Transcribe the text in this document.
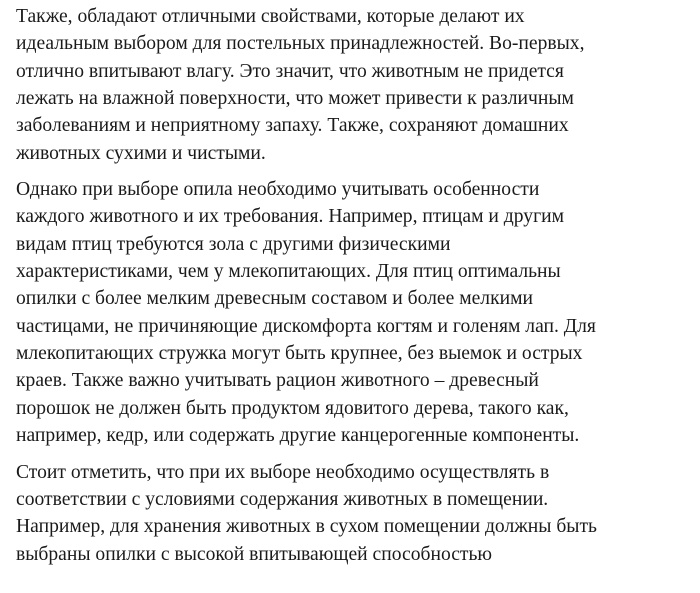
Также, обладают отличными свойствами, которые делают их
идеальным выбором для постельных принадлежностей. Во-первых,
отлично впитывают влагу. Это значит, что животным не придется
лежать на влажной поверхности, что может привести к различным
заболеваниям и неприятному запаху. Также, сохраняют домашних
животных сухими и чистыми.

Однако при выборе опила необходимо учитывать особенности
каждого животного и их требования. Например, птицам и другим
видам птиц требуются зола с другими физическими
характеристиками, чем у млекопитающих. Для птиц оптимальны
опилки с более мелким древесным составом и более мелкими
частицами, не причиняющие дискомфорта когтям и голеням лап. Для
млекопитающих стружка могут быть крупнее, без выемок и острых
краев. Также важно учитывать рацион животного – древесный
порошок не должен быть продуктом ядовитого дерева, такого как,
например, кедр, или содержать другие канцерогенные компоненты.

Стоит отметить, что при их выборе необходимо осуществлять в
соответствии с условиями содержания животных в помещении.
Например, для хранения животных в сухом помещении должны быть
выбраны опилки с высокой впитывающей способностью
